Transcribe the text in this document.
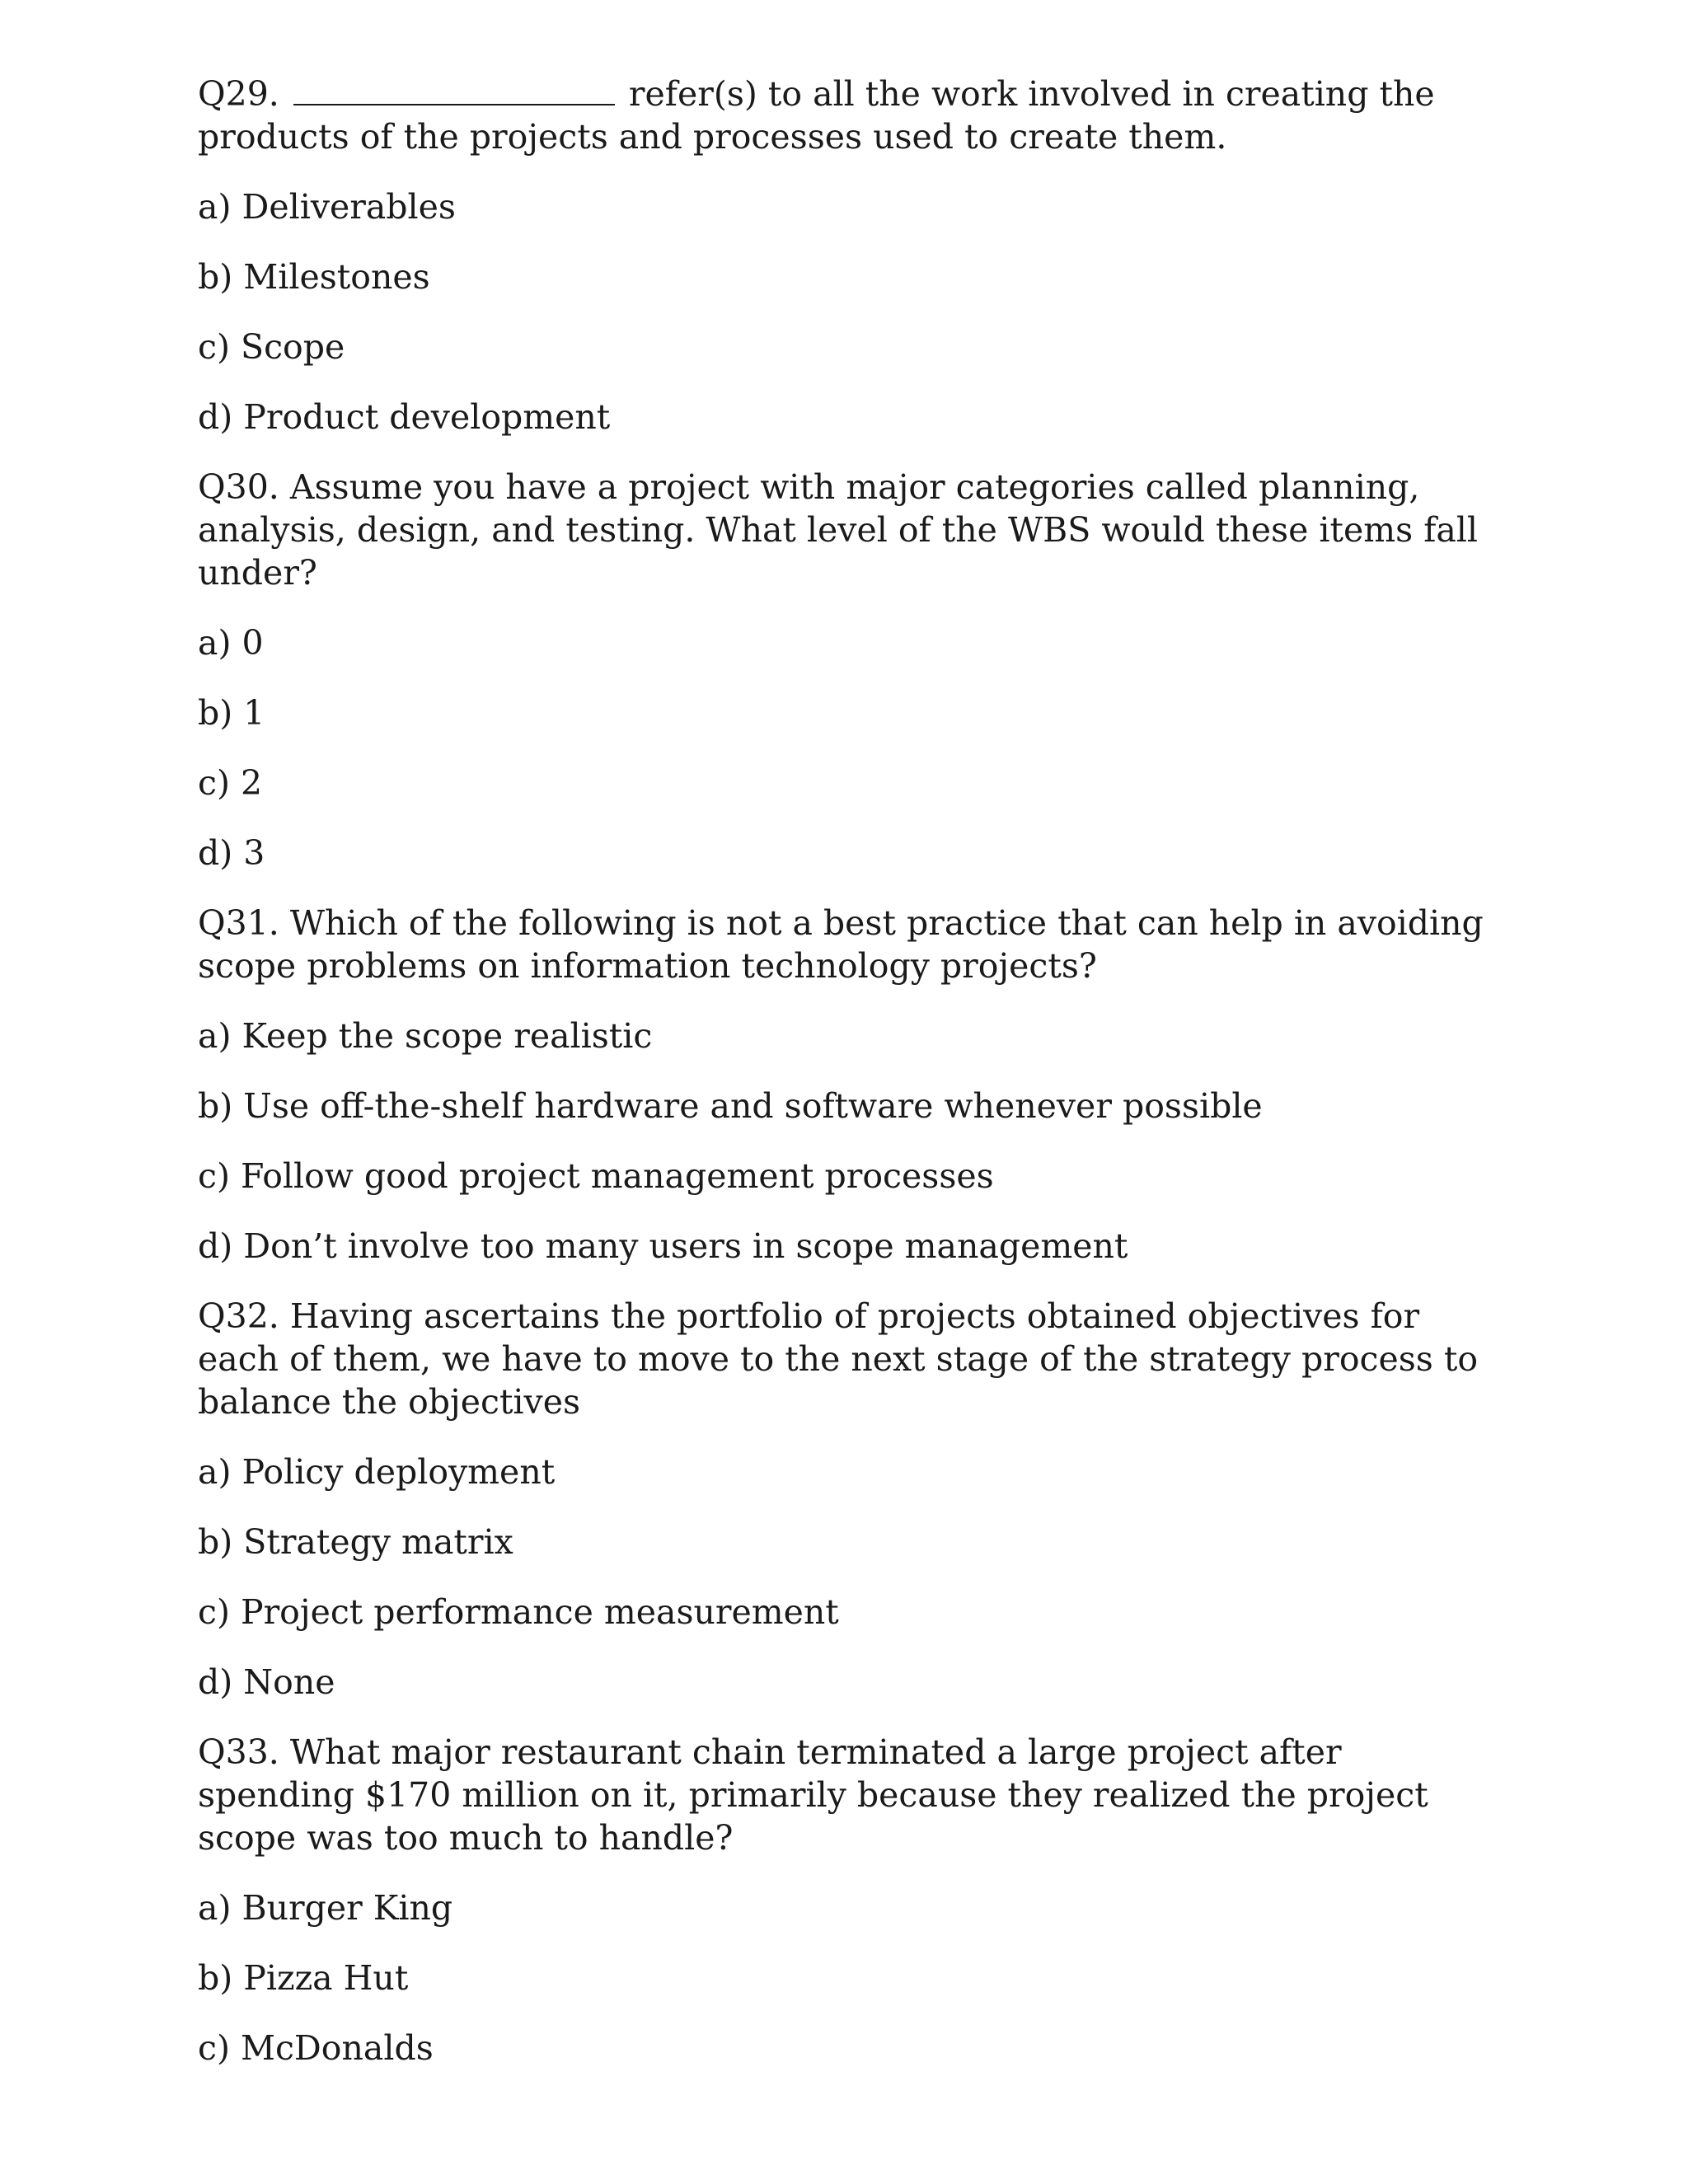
Q29.	refer(s) to all the work involved in creating the products of the projects and processes used to create them.

a) Deliverables

b) Milestones

c) Scope

d) Product development

Q30. Assume you have a project with major categories called planning, analysis, design, and testing. What level of the WBS would these items fall under?

a) 0

b) 1

c) 2

d) 3

Q31. Which of the following is not a best practice that can help in avoiding scope problems on information technology projects?

a) Keep the scope realistic

b) Use off-the-shelf hardware and software whenever possible

c) Follow good project management processes

d) Don’t involve too many users in scope management

Q32. Having ascertains the portfolio of projects obtained objectives for each of them, we have to move to the next stage of the strategy process to balance the objectives

a) Policy deployment

b) Strategy matrix

c) Project performance measurement

d) None

Q33. What major restaurant chain terminated a large project after spending $170 million on it, primarily because they realized the project scope was too much to handle?

a) Burger King

b) Pizza Hut

c) McDonalds
